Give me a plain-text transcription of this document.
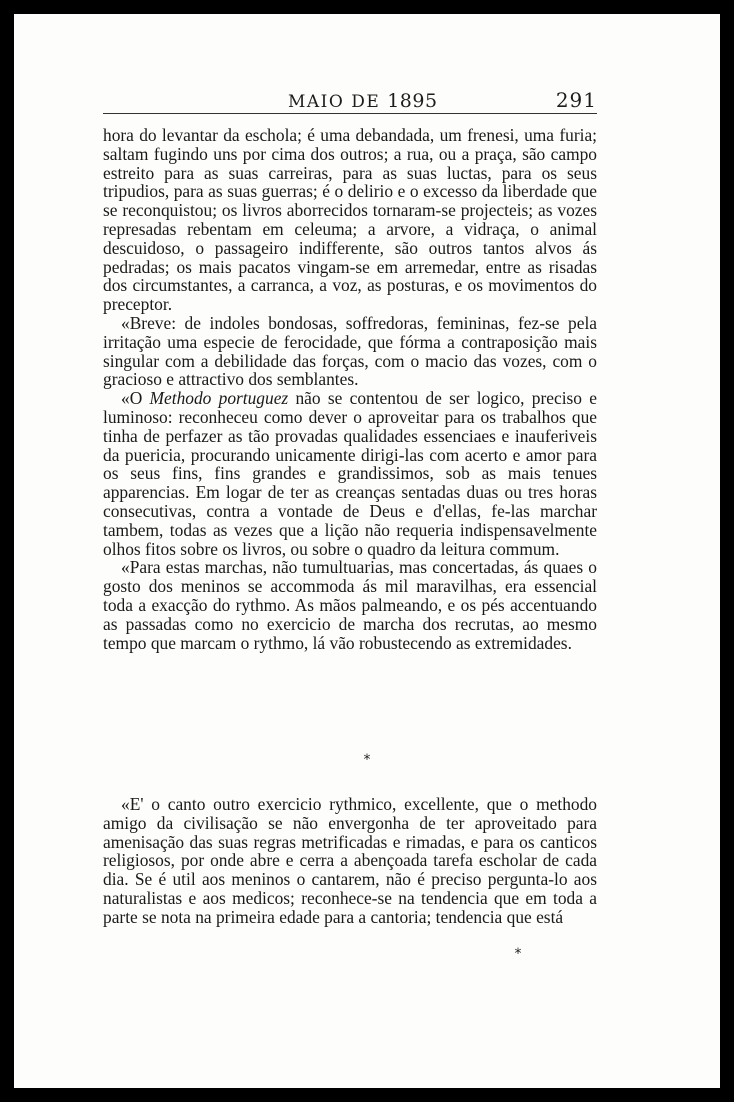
MAIO DE 1895	291

hora do levantar da eschola; é uma debandada, um frenesi, uma furia; saltam fugindo uns por cima dos outros; a rua, ou a praça, são campo estreito para as suas carreiras, para as suas luctas, para os seus tripudios, para as suas guerras; é o delirio e o excesso da liberdade que se reconquistou; os livros aborrecidos tornaram-se projecteis; as vozes represadas rebentam em celeuma; a arvore, a vidraça, o animal descuidoso, o passageiro indifferente, são outros tantos alvos ás pedradas; os mais pacatos vingam-se em arremedar, entre as risadas dos circumstantes, a carranca, a voz, as posturas, e os movimentos do preceptor.

«Breve: de indoles bondosas, soffredoras, femininas, fez-se pela irritação uma especie de ferocidade, que fórma a contraposição mais singular com a debilidade das forças, com o macio das vozes, com o gracioso e attractivo dos semblantes.

«O Methodo portuguez não se contentou de ser logico, preciso e luminoso: reconheceu como dever o aproveitar para os trabalhos que tinha de perfazer as tão provadas qualidades essenciaes e inauferiveis da puericia, procurando unicamente dirigi-las com acerto e amor para os seus fins, fins grandes e grandissimos, sob as mais tenues apparencias. Em logar de ter as creanças sentadas duas ou tres horas consecutivas, contra a vontade de Deus e d'ellas, fe-las marchar tambem, todas as vezes que a lição não requeria indispensavelmente olhos fitos sobre os livros, ou sobre o quadro da leitura commum.

«Para estas marchas, não tumultuarias, mas concertadas, ás quaes o gosto dos meninos se accommoda ás mil maravilhas, era essencial toda a exacção do rythmo. As mãos palmeando, e os pés accentuando as passadas como no exercicio de marcha dos recrutas, ao mesmo tempo que marcam o rythmo, lá vão robustecendo as extremidades.

*

«E' o canto outro exercicio rythmico, excellente, que o methodo amigo da civilisação se não envergonha de ter aproveitado para amenisação das suas regras metrificadas e rimadas, e para os canticos religiosos, por onde abre e cerra a abençoada tarefa escholar de cada dia. Se é util aos meninos o cantarem, não é preciso pergunta-lo aos naturalistas e aos medicos; reconhece-se na tendencia que em toda a parte se nota na primeira edade para a cantoria; tendencia que está

*
